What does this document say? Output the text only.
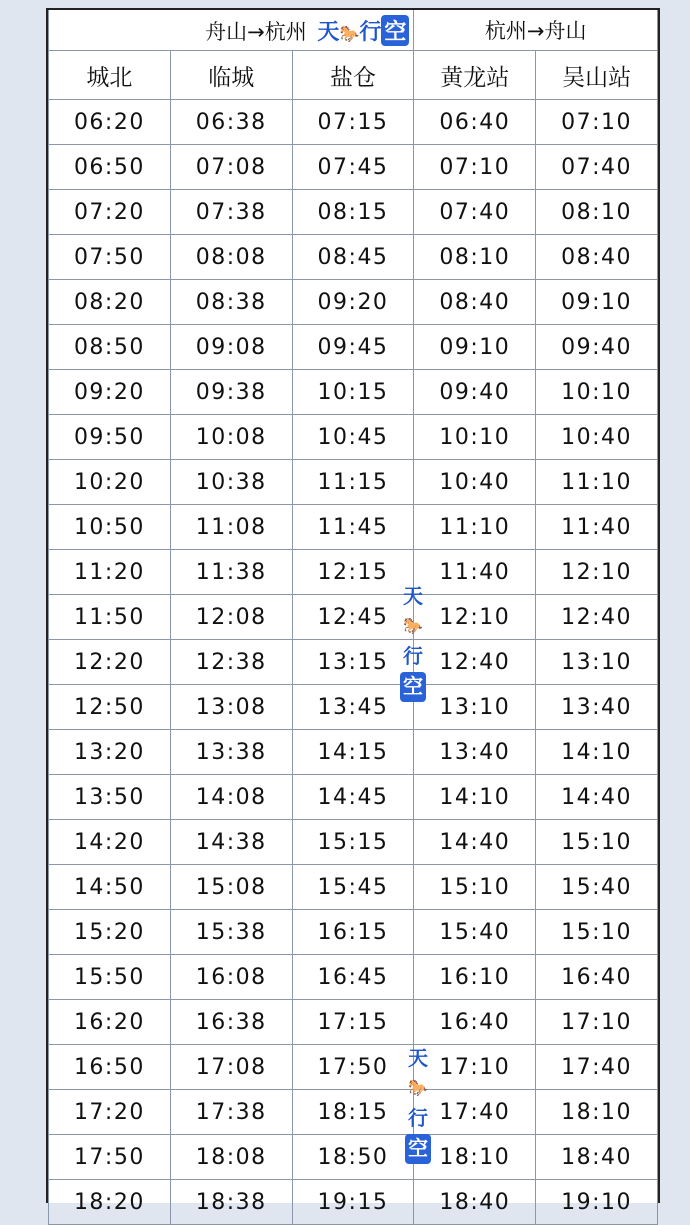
舟山→杭州 天🐎行 空			杭州→舟山	
城北	临城	盐仓	黄龙站	吴山站
06:20	06:38	07:15	06:40	07:10
06:50	07:08	07:45	07:10	07:40
07:20	07:38	08:15	07:40	08:10
07:50	08:08	08:45	08:10	08:40
08:20	08:38	09:20	08:40	09:10
08:50	09:08	09:45	09:10	09:40
09:20	09:38	10:15	09:40	10:10
09:50	10:08	10:45	10:10	10:40
10:20	10:38	11:15	10:40	11:10
10:50	11:08	11:45	11:10	11:40
11:20	11:38	12:15	11:40	12:10
11:50	12:08	12:45	12:10	12:40
12:20	12:38	13:15	12:40	13:10
12:50	13:08	13:45	13:10	13:40
13:20	13:38	14:15	13:40	14:10
13:50	14:08	14:45	14:10	14:40
14:20	14:38	15:15	14:40	15:10
14:50	15:08	15:45	15:10	15:40
15:20	15:38	16:15	15:40	15:10
15:50	16:08	16:45	16:10	16:40
16:20	16:38	17:15	16:40	17:10
16:50	17:08	17:50	17:10	17:40
17:20	17:38	18:15	17:40	18:10
17:50	18:08	18:50	18:10	18:40
18:20	18:38	19:15	18:40	19:10
天
🐎
行
空
天
🐎
行
空
